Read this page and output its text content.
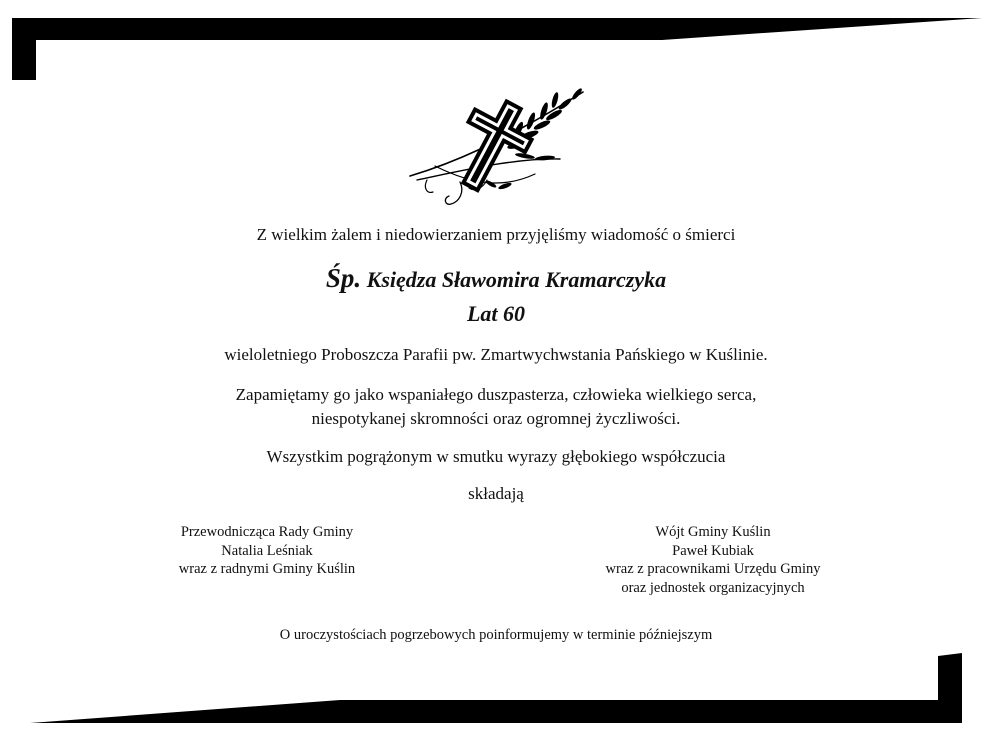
Z wielkim żalem i niedowierzaniem przyjęliśmy wiadomość o śmierci

Śp. Księdza Sławomira Kramarczyka

Lat 60

wieloletniego Proboszcza Parafii pw. Zmartwychwstania Pańskiego w Kuślinie.

Zapamiętamy go jako wspaniałego duszpasterza, człowieka wielkiego serca,

niespotykanej skromności oraz ogromnej życzliwości.

Wszystkim pogrążonym w smutku wyrazy głębokiego współczucia

składają

Przewodnicząca Rady Gminy
Natalia Leśniak
wraz z radnymi Gminy Kuślin
Wójt Gminy Kuślin
Paweł Kubiak
wraz z pracownikami Urzędu Gminy
oraz jednostek organizacyjnych

O uroczystościach pogrzebowych poinformujemy w terminie późniejszym
